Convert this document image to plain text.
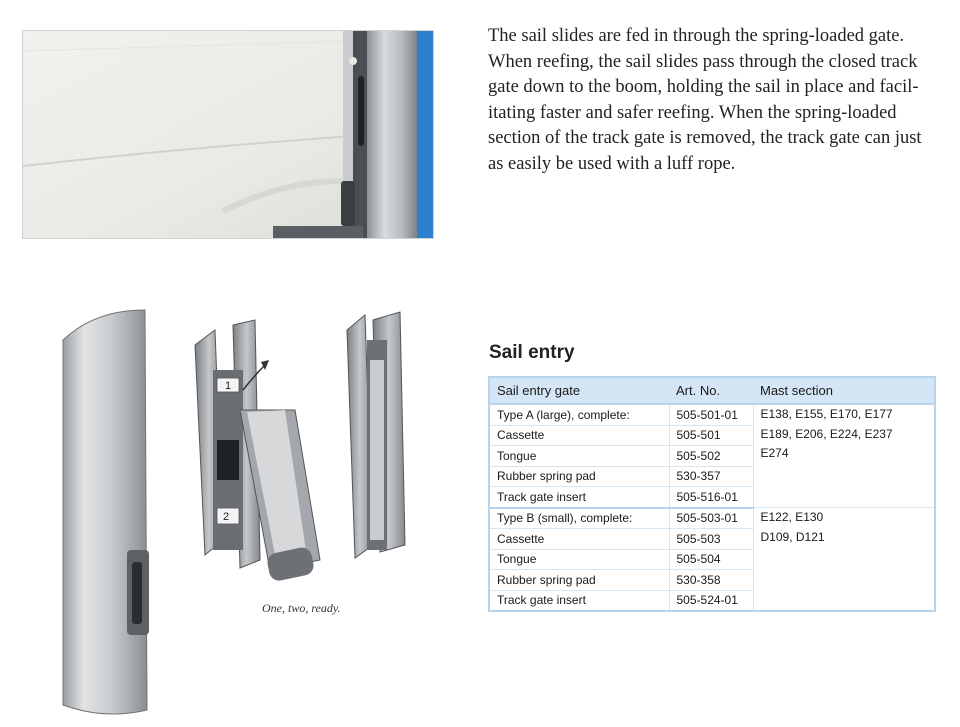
The sail slides are fed in through the spring-loaded gate. When reefing, the sail slides pass through the closed track gate down to the boom, holding the sail in place and facil-itating faster and safer reefing. When the spring-loaded section of the track gate is removed, the track gate can just as easily be used with a luff rope.

1
2
One, two, ready.
Sail entry
Sail entry gate	Art. No.	Mast section
Type A (large), complete:	505-501-01	E138, E155, E170, E177
E189, E206, E224, E237
E274

Cassette	505-501	
Tongue	505-502	
Rubber spring pad	530-357	
Track gate insert	505-516-01	
Type B (small), complete:	505-503-01	E122, E130
D109, D121

Cassette	505-503	
Tongue	505-504	
Rubber spring pad	530-358	
Track gate insert	505-524-01	
